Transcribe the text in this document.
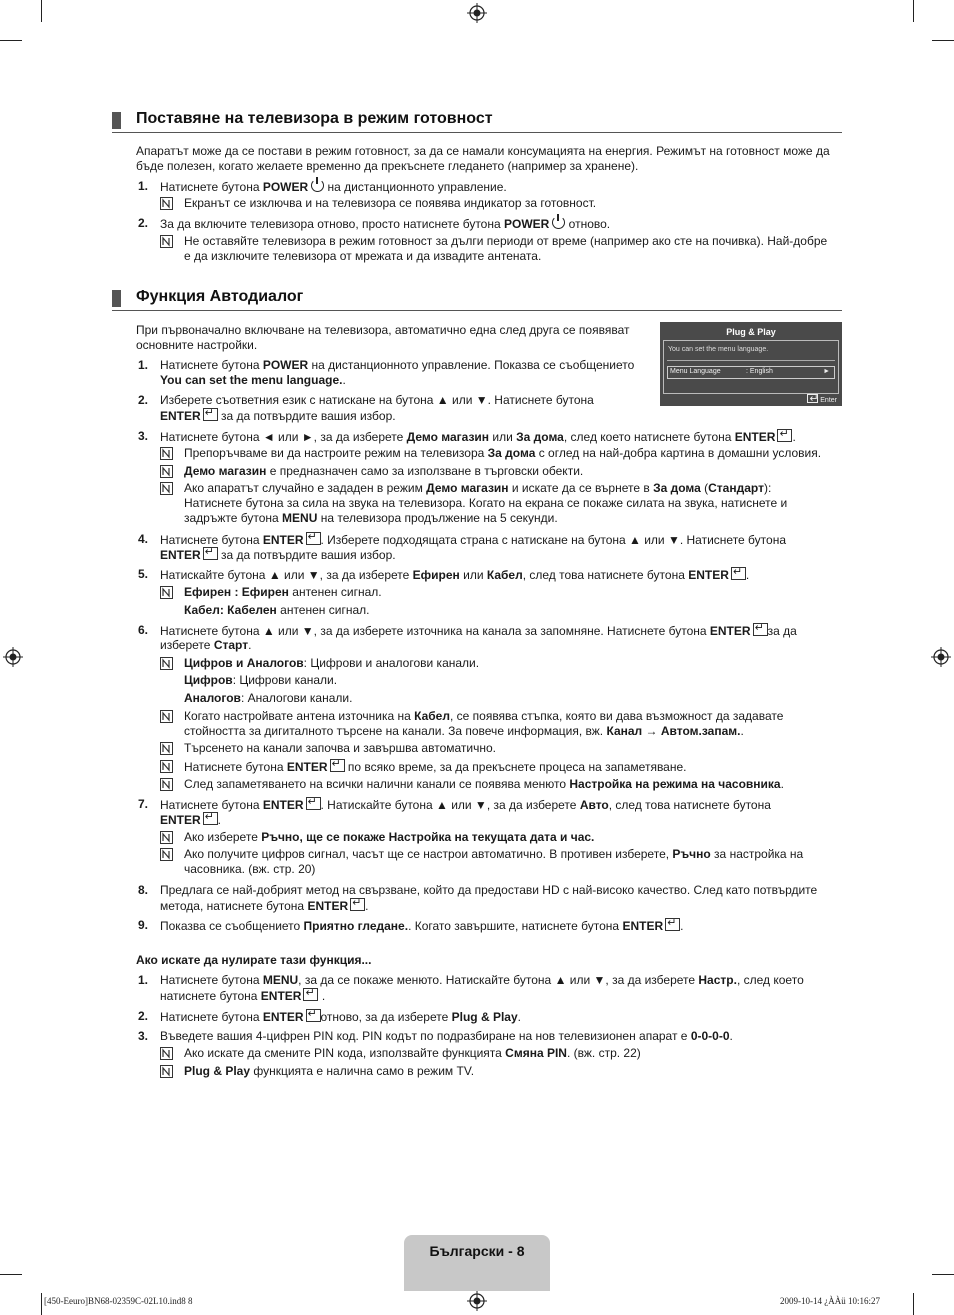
Поставяне на телевизора в режим готовност
Апаратът може да се постави в режим готовност, за да се намали консумацията на енергия. Режимът на готовност може да
бъде полезен, когато желаете временно да прекъснете гледането (например за хранене).
1. Натиснете бутона POWER на дистанционното управление.
Екранът се изключва и на телевизора се появява индикатор за готовност.
2. За да включите телевизора отново, просто натиснете бутона POWER отново.
Не оставяйте телевизора в режим готовност за дълги периоди от време (например ако сте на почивка). Най-добре
е да изключите телевизора от мрежата и да извадите антената.
Функция Автодиалог
При първоначално включване на телевизора, автоматично една след друга се появяват
основните настройки.
Plug & Play
You can set the menu language.
Menu Language	: English	►
↵ Enter
1. Натиснете бутона POWER на дистанционното управление. Показва се съобщението
You can set the menu language..
2. Изберете съответния език с натискане на бутона ▲ или ▼. Натиснете бутона
ENTER↵ за да потвърдите вашия избор.
3. Натиснете бутона ◄ или ►, за да изберете Демо магазин или За дома, след което натиснете бутона ENTER ↵ .
Препоръчваме ви да настроите режим на телевизора За дома с оглед на най-добра картина в домашни условия.
Демо магазин е предназначен само за използване в търговски обекти.
Ако апаратът случайно е зададен в режим Демо магазин и искате да се върнете в За дома (Стандарт):
Натиснете бутона за сила на звука на телевизора. Когато на екрана се покаже силата на звука, натиснете и
задръжте бутона MENU на телевизора продължение на 5 секунди.
4. Натиснете бутона ENTER ↵ . Изберете подходящата страна с натискане на бутона ▲ или ▼. Натиснете бутона
ENTER↵ за да потвърдите вашия избор.
5. Натискайте бутона ▲ или ▼, за да изберете Ефирен или Кабел, след това натиснете бутона ENTER ↵ .
Ефирен : Ефирен антенен сигнал.
Кабел: Кабелен антенен сигнал.
6. Натиснете бутона ▲ или ▼, за да изберете източника на канала за запомняне. Натиснете бутона ENTER ↵ за да
изберете Старт.
Цифров и Аналогов: Цифрови и аналогови канали.
Цифров: Цифрови канали.
Аналогов: Аналогови канали.
Когато настройвате антена източника на Кабел, се появява стъпка, която ви дава възможност да задавате
стойността за дигиталното търсене на канали. За повече информация, вж. Канал → Автом.запам..
Търсенето на канали започва и завършва автоматично.
Натиснете бутона ENTER↵ по всяко време, за да прекъснете процеса на запаметяване.
След запаметяването на всички налични канали се появява менюто Настройка на режима на часовника.
7. Натиснете бутона ENTER ↵ . Натискайте бутона ▲ или ▼, за да изберете Авто, след това натиснете бутона
ENTER ↵ .
Ако изберете Ръчно, ще се покаже Настройка на текущата дата и час.
Ако получите цифров сигнал, часът ще се настрои автоматично. В противен изберете, Ръчно за настройка на
часовника. (вж. стр. 20)
8. Предлага се най-добрият метод на свързване, който да предостави HD с най-високо качество. След като потвърдите
метода, натиснете бутона ENTER ↵ .
9. Показва се съобщението Приятно гледане.. Когато завършите, натиснете бутона ENTER ↵ .
Ако искате да нулирате тази функция...
1. Натиснете бутона MENU, за да се покаже менюто. Натискайте бутона ▲ или ▼, за да изберете Настр., след което
натиснете бутона ENTER ↵ .
2. Натиснете бутона ENTER ↵ отново, за да изберете Plug & Play.
3. Въведете вашия 4-цифрен PIN код. PIN кодът по подразбиране на нов телевизионен апарат е 0-0-0-0.
Ако искате да смените PIN кода, използвайте функцията Смяна PIN. (вж. стр. 22)
Plug & Play функцията е налична само в режим TV.
Български - 8
[450-Eeuro]BN68-02359C-02L10.ind8 8	2009-10-14 ¿ÀÀü 10:16:27
